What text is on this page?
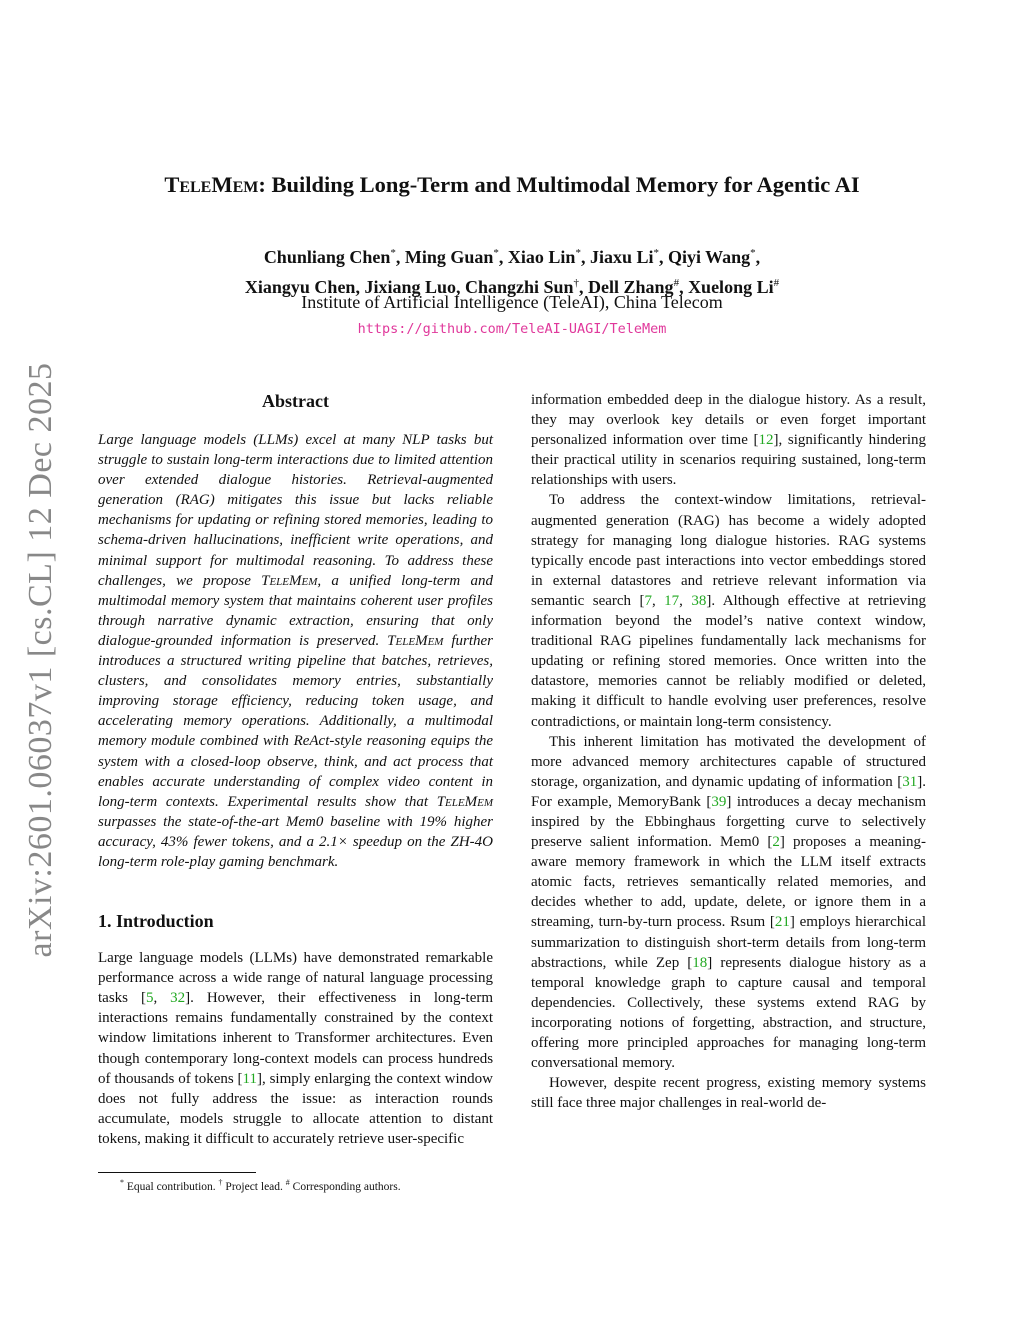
arXiv:2601.06037v1 [cs.CL] 12 Dec 2025
TeleMem: Building Long-Term and Multimodal Memory for Agentic AI
Chunliang Chen*, Ming Guan*, Xiao Lin*, Jiaxu Li*, Qiyi Wang*,
Xiangyu Chen, Jixiang Luo, Changzhi Sun†, Dell Zhang#, Xuelong Li#
Institute of Artificial Intelligence (TeleAI), China Telecom
https://github.com/TeleAI-UAGI/TeleMem
Abstract

Large language models (LLMs) excel at many NLP tasks but struggle to sustain long-term interactions due to limited attention over extended dialogue histories. Retrieval-augmented generation (RAG) mitigates this issue but lacks reliable mechanisms for updating or refining stored memories, leading to schema-driven hallucinations, inefficient write operations, and minimal support for multimodal reasoning. To address these challenges, we propose TeleMem, a unified long-term and multimodal memory system that maintains coherent user profiles through narrative dynamic extraction, ensuring that only dialogue-grounded information is preserved. TeleMem further introduces a structured writing pipeline that batches, retrieves, clusters, and consolidates memory entries, substantially improving storage efficiency, reducing token usage, and accelerating memory operations. Additionally, a multimodal memory module combined with ReAct-style reasoning equips the system with a closed-loop observe, think, and act process that enables accurate understanding of complex video content in long-term contexts. Experimental results show that TeleMem surpasses the state-of-the-art Mem0 baseline with 19% higher accuracy, 43% fewer tokens, and a 2.1× speedup on the ZH-4O long-term role-play gaming benchmark.

1. Introduction

Large language models (LLMs) have demonstrated remarkable performance across a wide range of natural language processing tasks [5, 32]. However, their effectiveness in long-term interactions remains fundamentally constrained by the context window limitations inherent to Transformer architectures. Even though contemporary long-context models can process hundreds of thousands of tokens [11], simply enlarging the context window does not fully address the issue: as interaction rounds accumulate, models struggle to allocate attention to distant tokens, making it difficult to accurately retrieve user-specific

information embedded deep in the dialogue history. As a result, they may overlook key details or even forget important personalized information over time [12], significantly hindering their practical utility in scenarios requiring sustained, long-term relationships with users.

To address the context-window limitations, retrieval-augmented generation (RAG) has become a widely adopted strategy for managing long dialogue histories. RAG systems typically encode past interactions into vector embeddings stored in external datastores and retrieve relevant information via semantic search [7, 17, 38]. Although effective at retrieving information beyond the model’s native context window, traditional RAG pipelines fundamentally lack mechanisms for updating or refining stored memories. Once written into the datastore, memories cannot be reliably modified or deleted, making it difficult to handle evolving user preferences, resolve contradictions, or maintain long-term consistency.

This inherent limitation has motivated the development of more advanced memory architectures capable of structured storage, organization, and dynamic updating of information [31]. For example, MemoryBank [39] introduces a decay mechanism inspired by the Ebbinghaus forgetting curve to selectively preserve salient information. Mem0 [2] proposes a meaning-aware memory framework in which the LLM itself extracts atomic facts, retrieves semantically related memories, and decides whether to add, update, delete, or ignore them in a streaming, turn-by-turn process. Rsum [21] employs hierarchical summarization to distinguish short-term details from long-term abstractions, while Zep [18] represents dialogue history as a temporal knowledge graph to capture causal and temporal dependencies. Collectively, these systems extend RAG by incorporating notions of forgetting, abstraction, and structure, offering more principled approaches for managing long-term conversational memory.

However, despite recent progress, existing memory systems still face three major challenges in real-world de-

* Equal contribution. † Project lead. # Corresponding authors.
